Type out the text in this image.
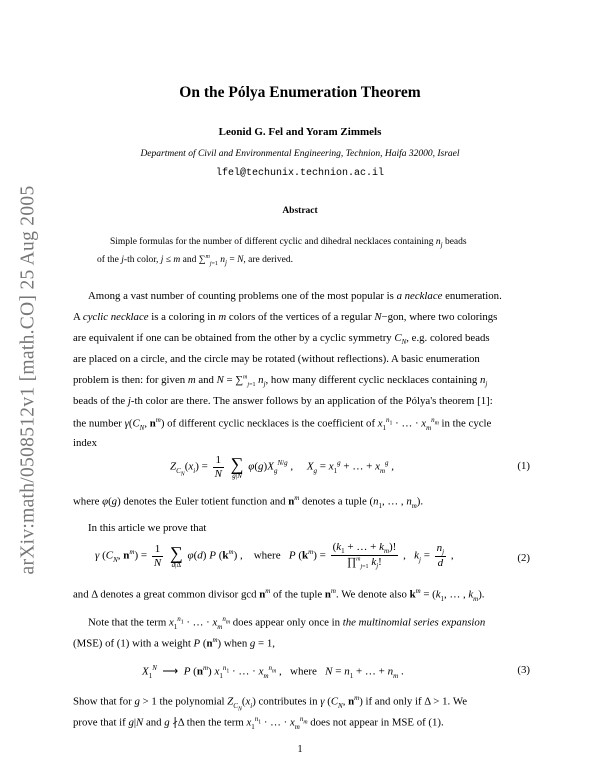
arXiv:math/0508512v1 [math.CO] 25 Aug 2005
On the Pólya Enumeration Theorem
Leonid G. Fel and Yoram Zimmels
Department of Civil and Environmental Engineering, Technion, Haifa 32000, Israel
lfel@techunix.technion.ac.il
Abstract
Simple formulas for the number of different cyclic and dihedral necklaces containing $n_j$ beads
of the j-th color, j ≤ m and ∑$^m_{j=1}$ $n_j = N$, are derived.
Among a vast number of counting problems one of the most popular is a necklace enumeration.
A cyclic necklace is a coloring in m colors of the vertices of a regular N−gon, where two colorings
are equivalent if one can be obtained from the other by a cyclic symmetry $C_N$, e.g. colored beads
are placed on a circle, and the circle may be rotated (without reflections). A basic enumeration
problem is then: for given m and N = ∑$^m_{j=1}$ $n_j$, how many different cyclic necklaces containing $n_j$
beads of the j-th color are there. The answer follows by an application of the Pólya's theorem [1]:
the number $\gamma(C_N$, $n^m$) of different cyclic necklaces is the coefficient of $x_1^{n_1}$ · … · $x_m^{n_m}$ in the cycle
index
$Z_{C_N}(x_i) = \frac{1}{N}$
∑
g|N
$\varphi(g)X_g^{N/g}$ ,     $X_g = x_1^g$ + … + $x_m^g$ ,	(1)
where φ(g) denotes the Euler totient function and $n^m$ denotes a tuple ($n_1$, … , $n_m$).
In this article we prove that
γ ($C_N$, $n^m) = \frac{1}{N}$
∑
d|Δ
φ(d) P $(k^m)$ ,    where   P $(k^m) = \frac{(k_1 + \dots + k_m)!}{\prod^m_{j=1} k_j!}$ ,   $k_j = \frac{n_j}{d}$ ,	(2)
and Δ denotes a great common divisor $\gcd n^m$ of the tuple $n^m$. We denote also $k^m = (k_1$, … , $k_m$).
Note that the term $x_1^{n_1}$ · … · $x_m^{n_m}$ does appear only once in the multinomial series expansion
(MSE) of (1) with a weight P $(n^m)$ when g = 1,
$X_1^N$  ⟶  P $(n^m) x_1^{n_1}$ · … · $x_m^{n_m}$ ,   where   $N = n_1$ + … + $n_m$ .	(3)
Show that for g > 1 the polynomial $Z_{C_N}(x_i)$ contributes in γ ($C_N$, $n^m$) if and only if Δ > 1. We
prove that if g|N and g ∤Δ then the term $x_1^{n_1}$ · … · $x_m^{n_m}$ does not appear in MSE of (1).
1
